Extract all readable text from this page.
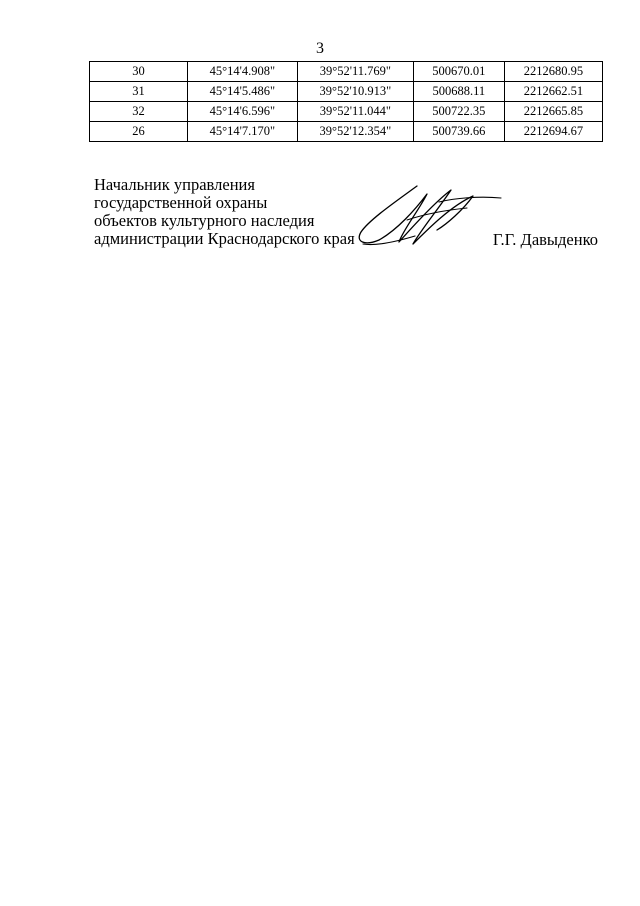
3
30	45°14'4.908"	39°52'11.769"	500670.01	2212680.95
31	45°14'5.486"	39°52'10.913"	500688.11	2212662.51
32	45°14'6.596"	39°52'11.044"	500722.35	2212665.85
26	45°14'7.170"	39°52'12.354"	500739.66	2212694.67
Начальник управления
государственной охраны
объектов культурного наследия
администрации Краснодарского края	Г.Г. Давыденко
